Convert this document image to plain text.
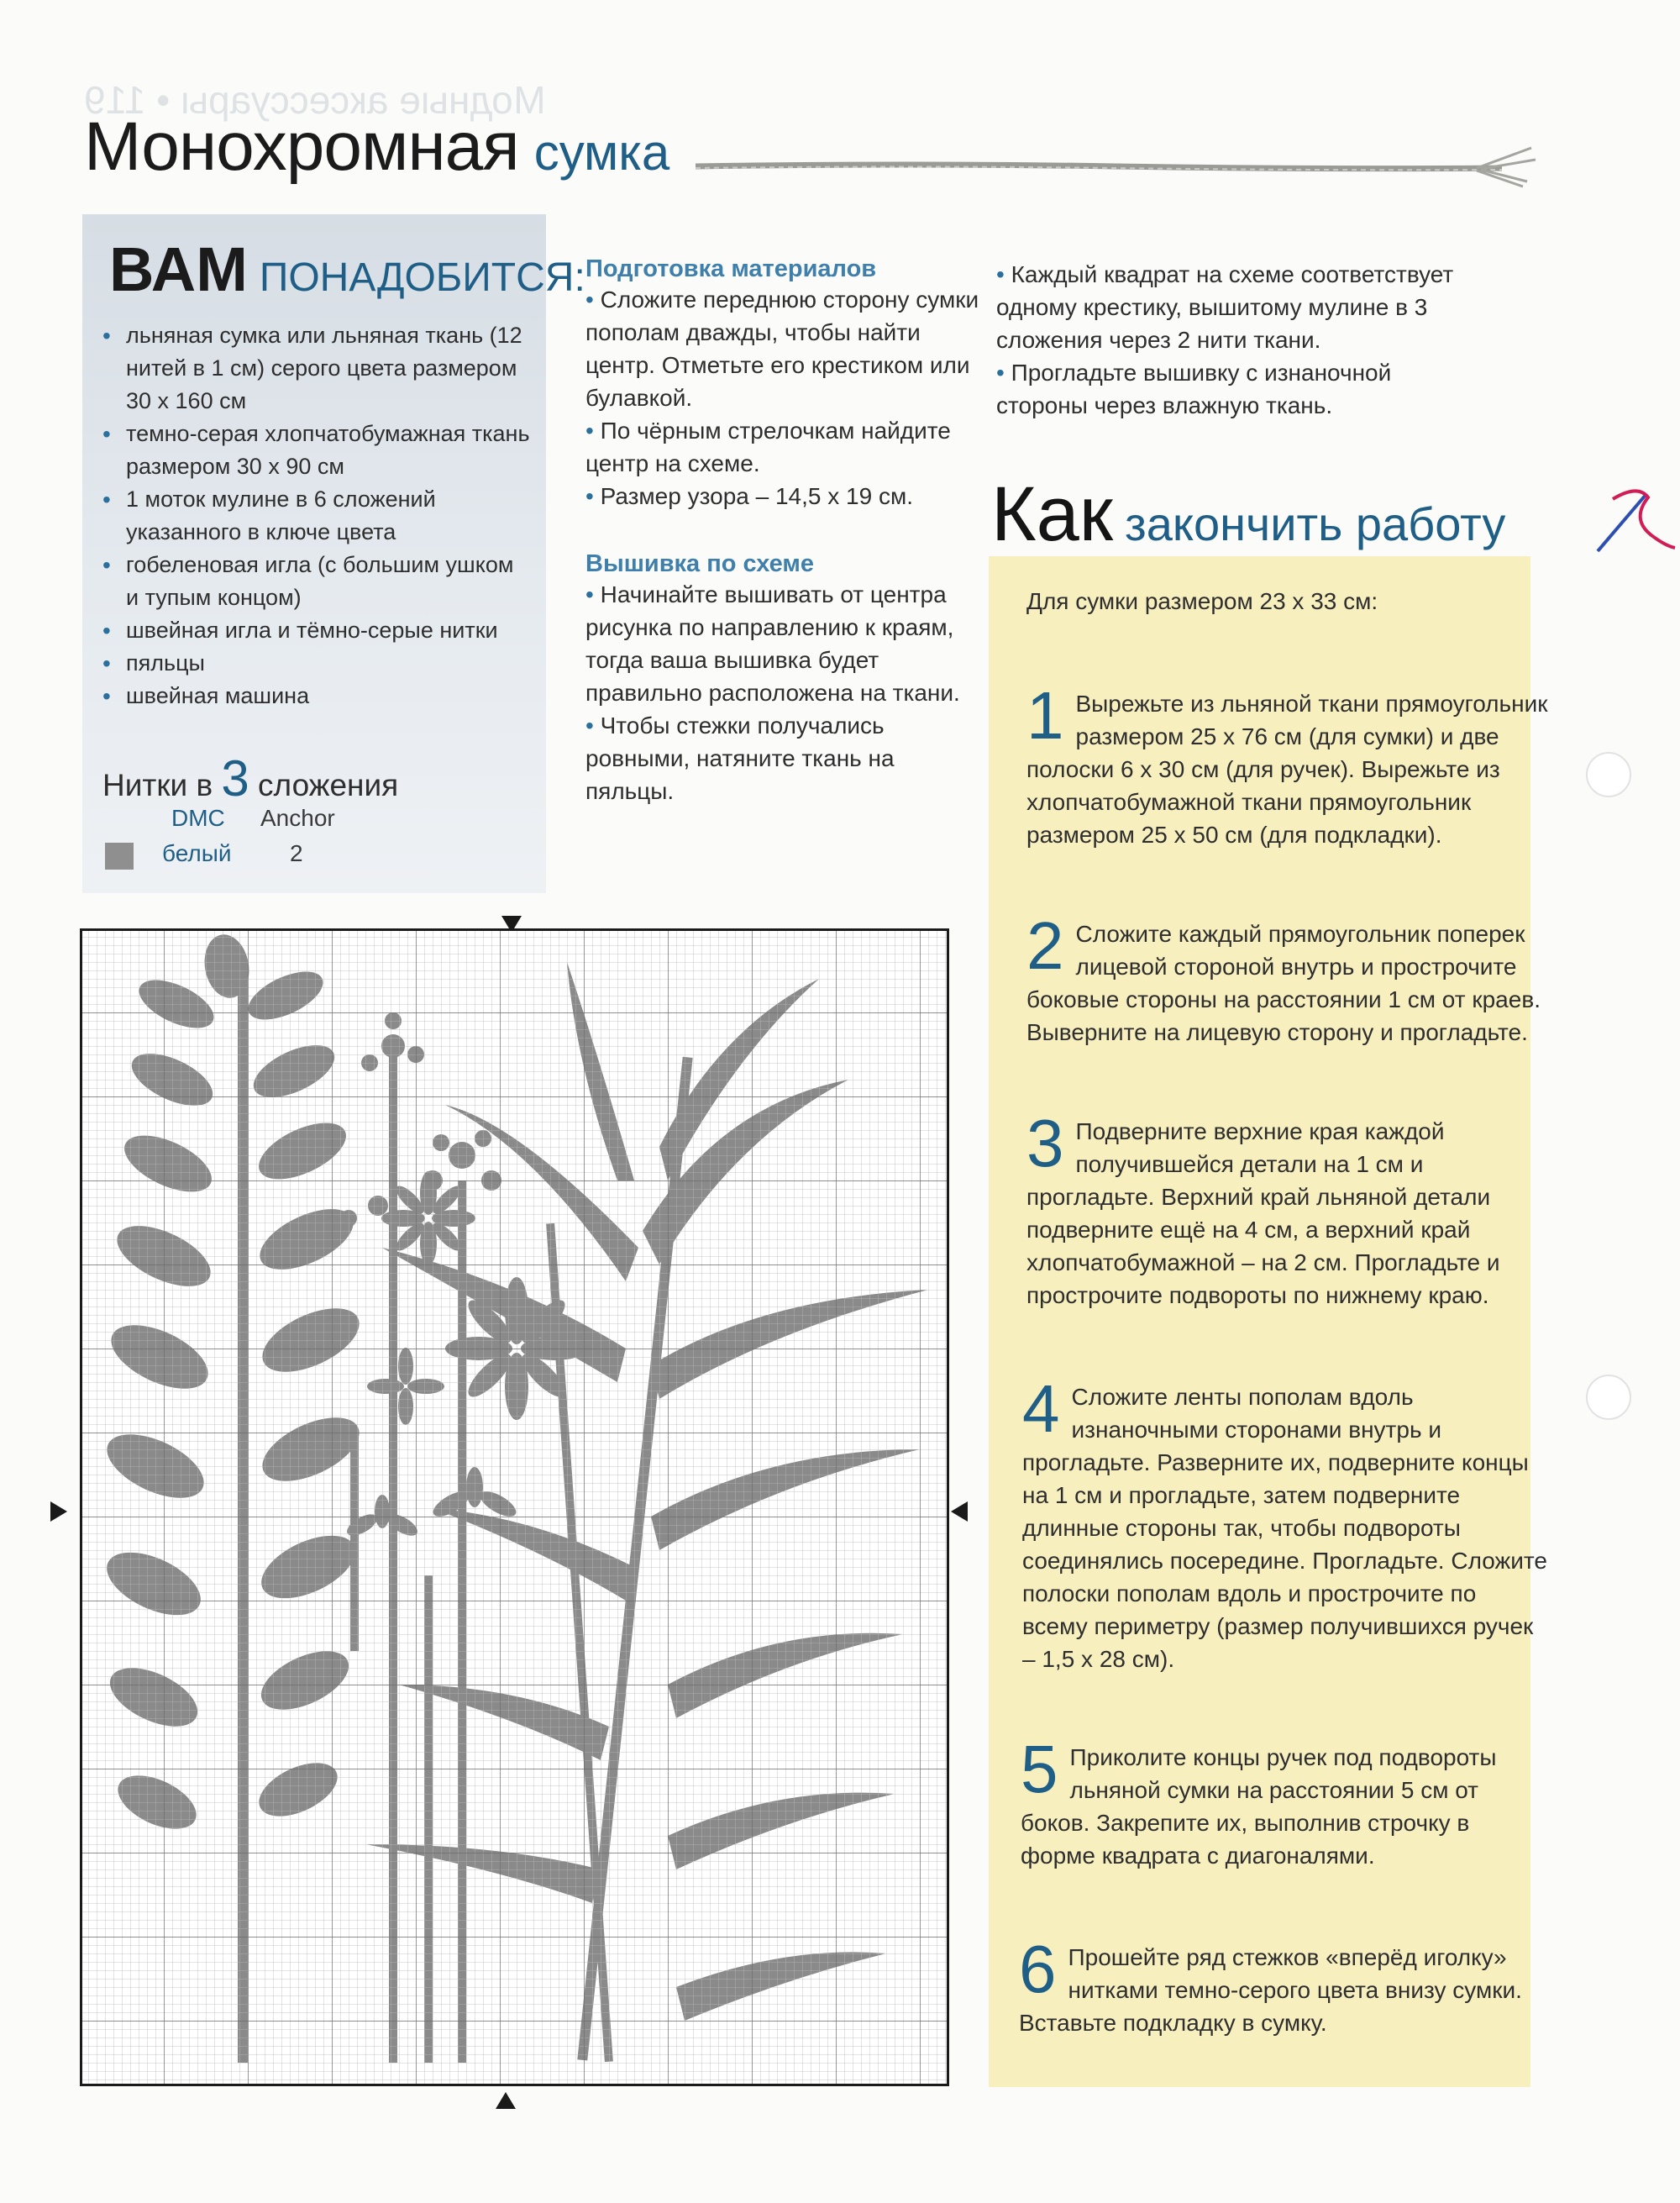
Модные аксессуары • 119
Монохромная сумка
ВАМ ПОНАДОБИТСЯ:
• льняная сумка или льняная ткань (12 нитей в 1 см) серого цвета размером 30 х 160 см
• темно-серая хлопчатобумажная ткань размером 30 х 90 см
• 1 моток мулине в 6 сложений указанного в ключе цвета
• гобеленовая игла (с большим ушком и тупым концом)
• швейная игла и тёмно-серые нитки
• пяльцы
• швейная машина
Нитки в 3 сложения
DMC Anchor
белый 2
Подготовка материалов
• Сложите переднюю сторону сумки пополам дважды, чтобы найти центр. Отметьте его крестиком или булавкой.
• По чёрным стрелочкам найдите центр на схеме.
• Размер узора – 14,5 х 19 см.
Вышивка по схеме
• Начинайте вышивать от центра рисунка по направлению к краям, тогда ваша вышивка будет правильно расположена на ткани.
• Чтобы стежки получались ровными, натяните ткань на пяльцы.
• Каждый квадрат на схеме соответствует одному крестику, вышитому мулине в 3 сложения через 2 нити ткани.
• Прогладьте вышивку с изнаночной стороны через влажную ткань.
Как закончить работу
Для сумки размером 23 х 33 см:
1 Вырежьте из льняной ткани прямоугольник размером 25 х 76 см (для сумки) и две полоски 6 х 30 см (для ручек). Вырежьте из хлопчатобумажной ткани прямоугольник размером 25 х 50 см (для подкладки).
2 Сложите каждый прямоугольник поперек лицевой стороной внутрь и прострочите боковые стороны на расстоянии 1 см от краев. Выверните на лицевую сторону и прогладьте.
3 Подверните верхние края каждой получившейся детали на 1 см и прогладьте. Верхний край льняной детали подверните ещё на 4 см, а верхний край хлопчатобумажной – на 2 см. Прогладьте и прострочите подвороты по нижнему краю.
4 Сложите ленты пополам вдоль изнаночными сторонами внутрь и прогладьте. Разверните их, подверните концы на 1 см и прогладьте, затем подверните длинные стороны так, чтобы подвороты соединялись посередине. Прогладьте. Сложите полоски пополам вдоль и прострочите по всему периметру (размер получившихся ручек – 1,5 х 28 см).
5 Приколите концы ручек под подвороты льняной сумки на расстоянии 5 см от боков. Закрепите их, выполнив строчку в форме квадрата с диагоналями.
6 Прошейте ряд стежков «вперёд иголку» нитками темно-серого цвета внизу сумки. Вставьте подкладку в сумку.
